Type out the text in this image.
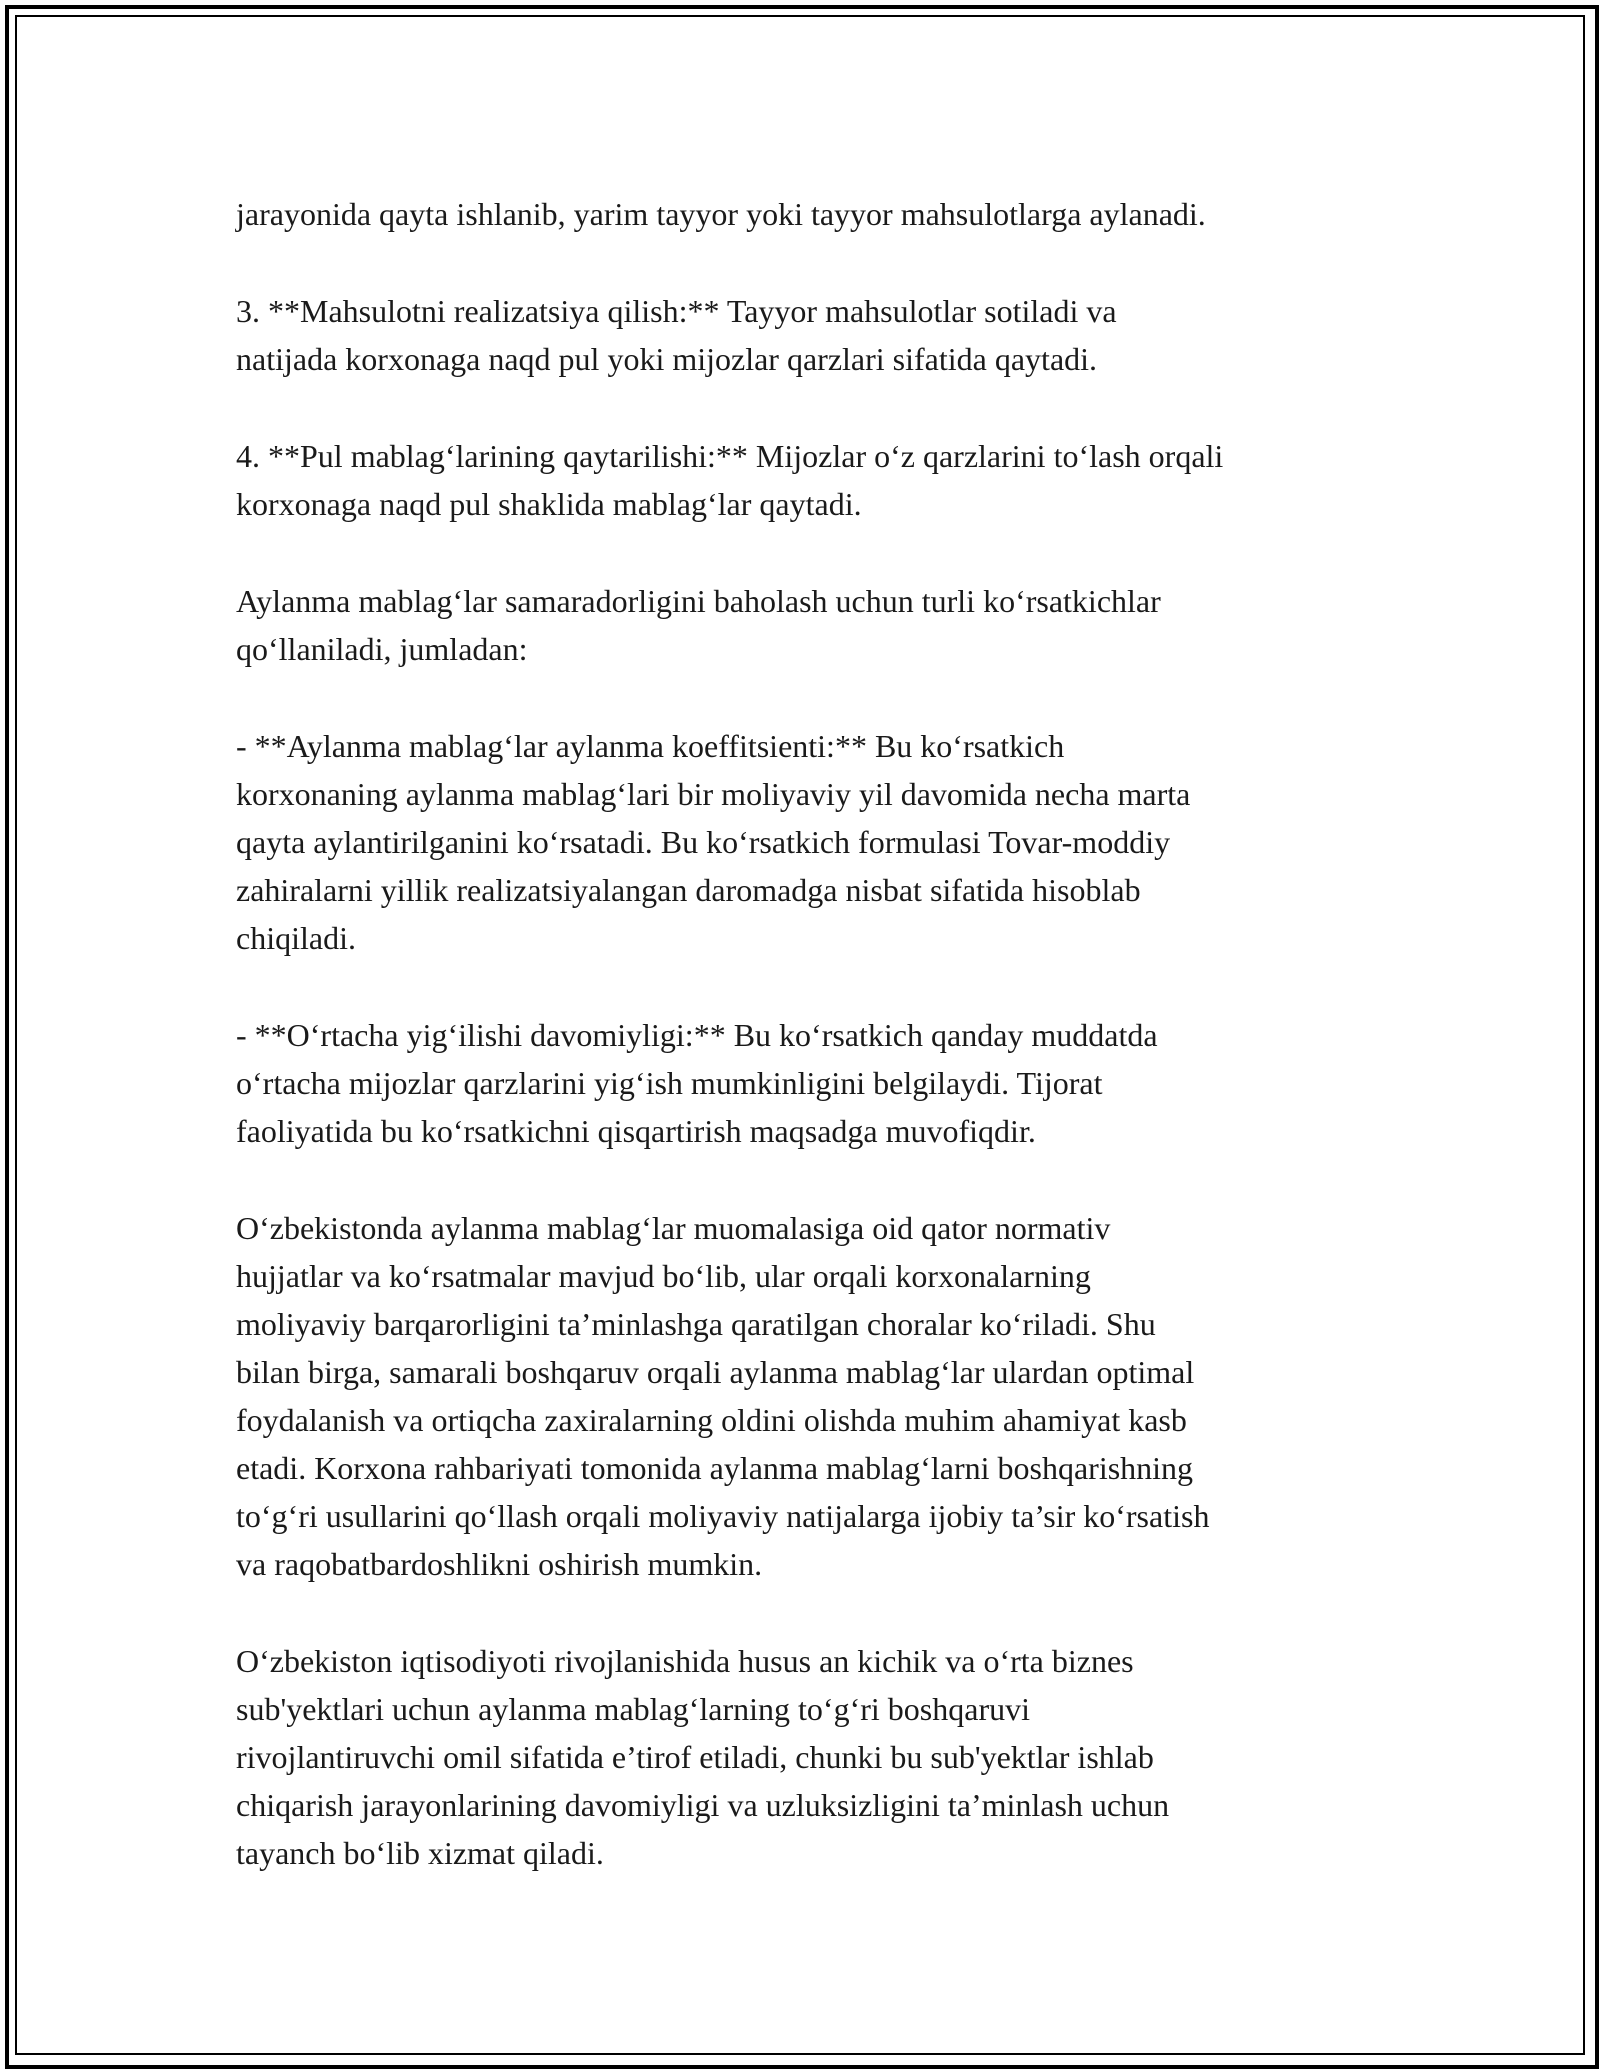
jarayonida qayta ishlanib, yarim tayyor yoki tayyor mahsulotlarga aylanadi.

3. **Mahsulotni realizatsiya qilish:** Tayyor mahsulotlar sotiladi va
natijada korxonaga naqd pul yoki mijozlar qarzlari sifatida qaytadi.

4. **Pul mablag‘larining qaytarilishi:** Mijozlar o‘z qarzlarini to‘lash orqali
korxonaga naqd pul shaklida mablag‘lar qaytadi.

Aylanma mablag‘lar samaradorligini baholash uchun turli ko‘rsatkichlar
qo‘llaniladi, jumladan:

- **Aylanma mablag‘lar aylanma koeffitsienti:** Bu ko‘rsatkich
korxonaning aylanma mablag‘lari bir moliyaviy yil davomida necha marta
qayta aylantirilganini ko‘rsatadi. Bu ko‘rsatkich formulasi Tovar-moddiy
zahiralarni yillik realizatsiyalangan daromadga nisbat sifatida hisoblab
chiqiladi.

- **O‘rtacha yig‘ilishi davomiyligi:** Bu ko‘rsatkich qanday muddatda
o‘rtacha mijozlar qarzlarini yig‘ish mumkinligini belgilaydi. Tijorat
faoliyatida bu ko‘rsatkichni qisqartirish maqsadga muvofiqdir.

O‘zbekistonda aylanma mablag‘lar muomalasiga oid qator normativ
hujjatlar va ko‘rsatmalar mavjud bo‘lib, ular orqali korxonalarning
moliyaviy barqarorligini ta’minlashga qaratilgan choralar ko‘riladi. Shu
bilan birga, samarali boshqaruv orqali aylanma mablag‘lar ulardan optimal
foydalanish va ortiqcha zaxiralarning oldini olishda muhim ahamiyat kasb
etadi. Korxona rahbariyati tomonida aylanma mablag‘larni boshqarishning
to‘g‘ri usullarini qo‘llash orqali moliyaviy natijalarga ijobiy ta’sir ko‘rsatish
va raqobatbardoshlikni oshirish mumkin.

O‘zbekiston iqtisodiyoti rivojlanishida husus an kichik va o‘rta biznes
sub'yektlari uchun aylanma mablag‘larning to‘g‘ri boshqaruvi
rivojlantiruvchi omil sifatida e’tirof etiladi, chunki bu sub'yektlar ishlab
chiqarish jarayonlarining davomiyligi va uzluksizligini ta’minlash uchun
tayanch bo‘lib xizmat qiladi.
